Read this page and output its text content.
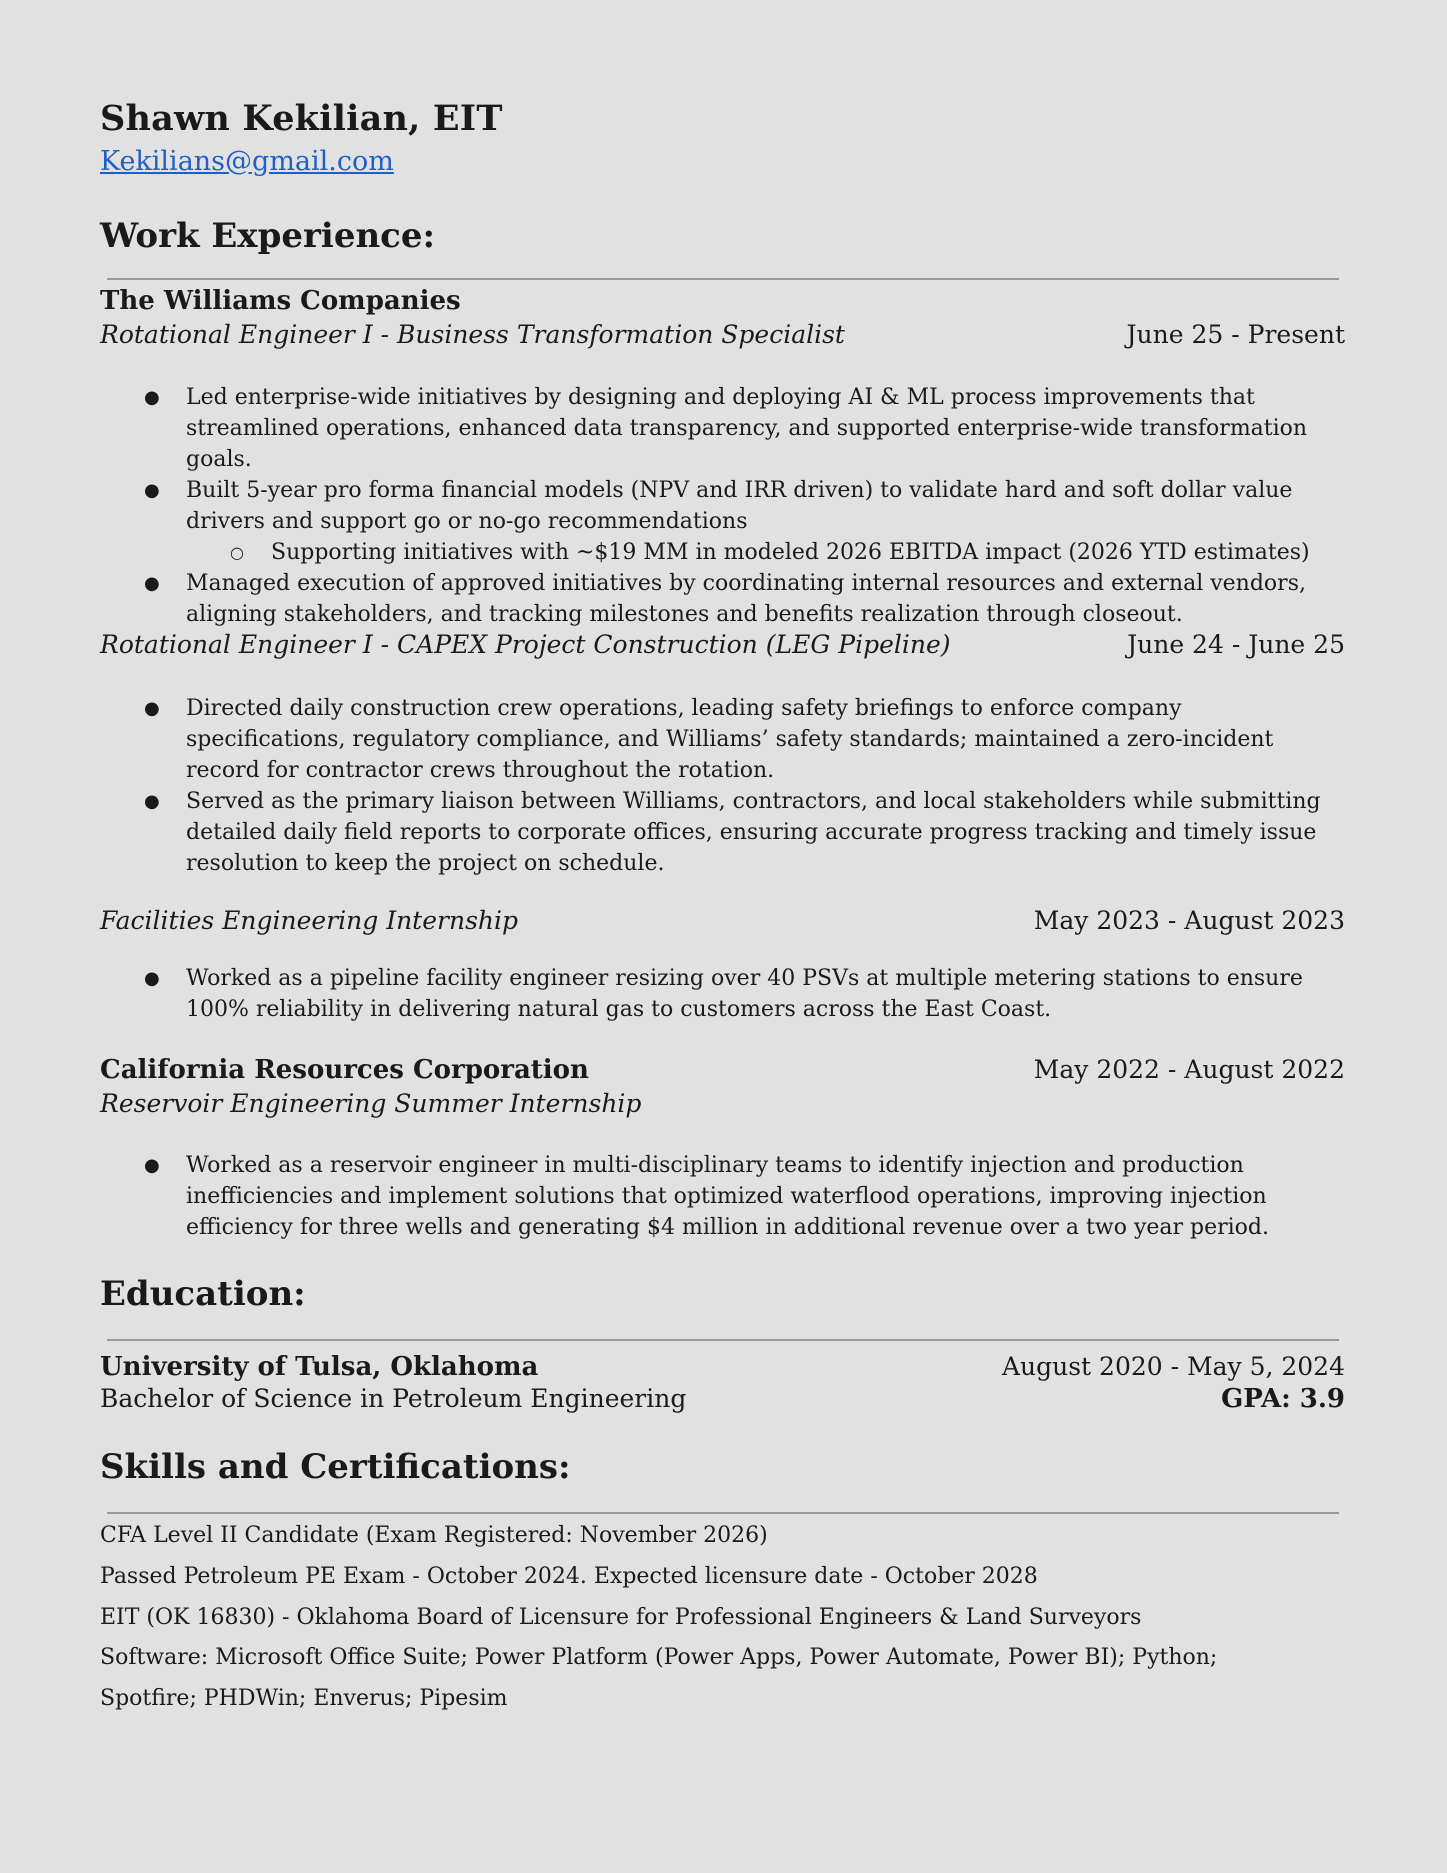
Shawn Kekilian, EIT
Kekilians@gmail.com
Work Experience:
The Williams Companies
Rotational Engineer I - Business Transformation Specialist	June 25 - Present
● Led enterprise-wide initiatives by designing and deploying AI & ML process improvements that streamlined operations, enhanced data transparency, and supported enterprise-wide transformation goals.
● Built 5-year pro forma financial models (NPV and IRR driven) to validate hard and soft dollar value drivers and support go or no-go recommendations
○ Supporting initiatives with ~$19 MM in modeled 2026 EBITDA impact (2026 YTD estimates)
● Managed execution of approved initiatives by coordinating internal resources and external vendors, aligning stakeholders, and tracking milestones and benefits realization through closeout.
Rotational Engineer I - CAPEX Project Construction (LEG Pipeline)	June 24 - June 25
● Directed daily construction crew operations, leading safety briefings to enforce company specifications, regulatory compliance, and Williams’ safety standards; maintained a zero-incident record for contractor crews throughout the rotation.
● Served as the primary liaison between Williams, contractors, and local stakeholders while submitting detailed daily field reports to corporate offices, ensuring accurate progress tracking and timely issue resolution to keep the project on schedule.
Facilities Engineering Internship	May 2023 - August 2023
● Worked as a pipeline facility engineer resizing over 40 PSVs at multiple metering stations to ensure 100% reliability in delivering natural gas to customers across the East Coast.
California Resources Corporation	May 2022 - August 2022
Reservoir Engineering Summer Internship
● Worked as a reservoir engineer in multi-disciplinary teams to identify injection and production inefficiencies and implement solutions that optimized waterflood operations, improving injection efficiency for three wells and generating $4 million in additional revenue over a two year period.
Education:
University of Tulsa, Oklahoma	August 2020 - May 5, 2024
Bachelor of Science in Petroleum Engineering	GPA: 3.9
Skills and Certifications:
CFA Level II Candidate (Exam Registered: November 2026)
Passed Petroleum PE Exam - October 2024. Expected licensure date - October 2028
EIT (OK 16830) - Oklahoma Board of Licensure for Professional Engineers & Land Surveyors
Software: Microsoft Office Suite; Power Platform (Power Apps, Power Automate, Power BI); Python;
Spotfire; PHDWin; Enverus; Pipesim
